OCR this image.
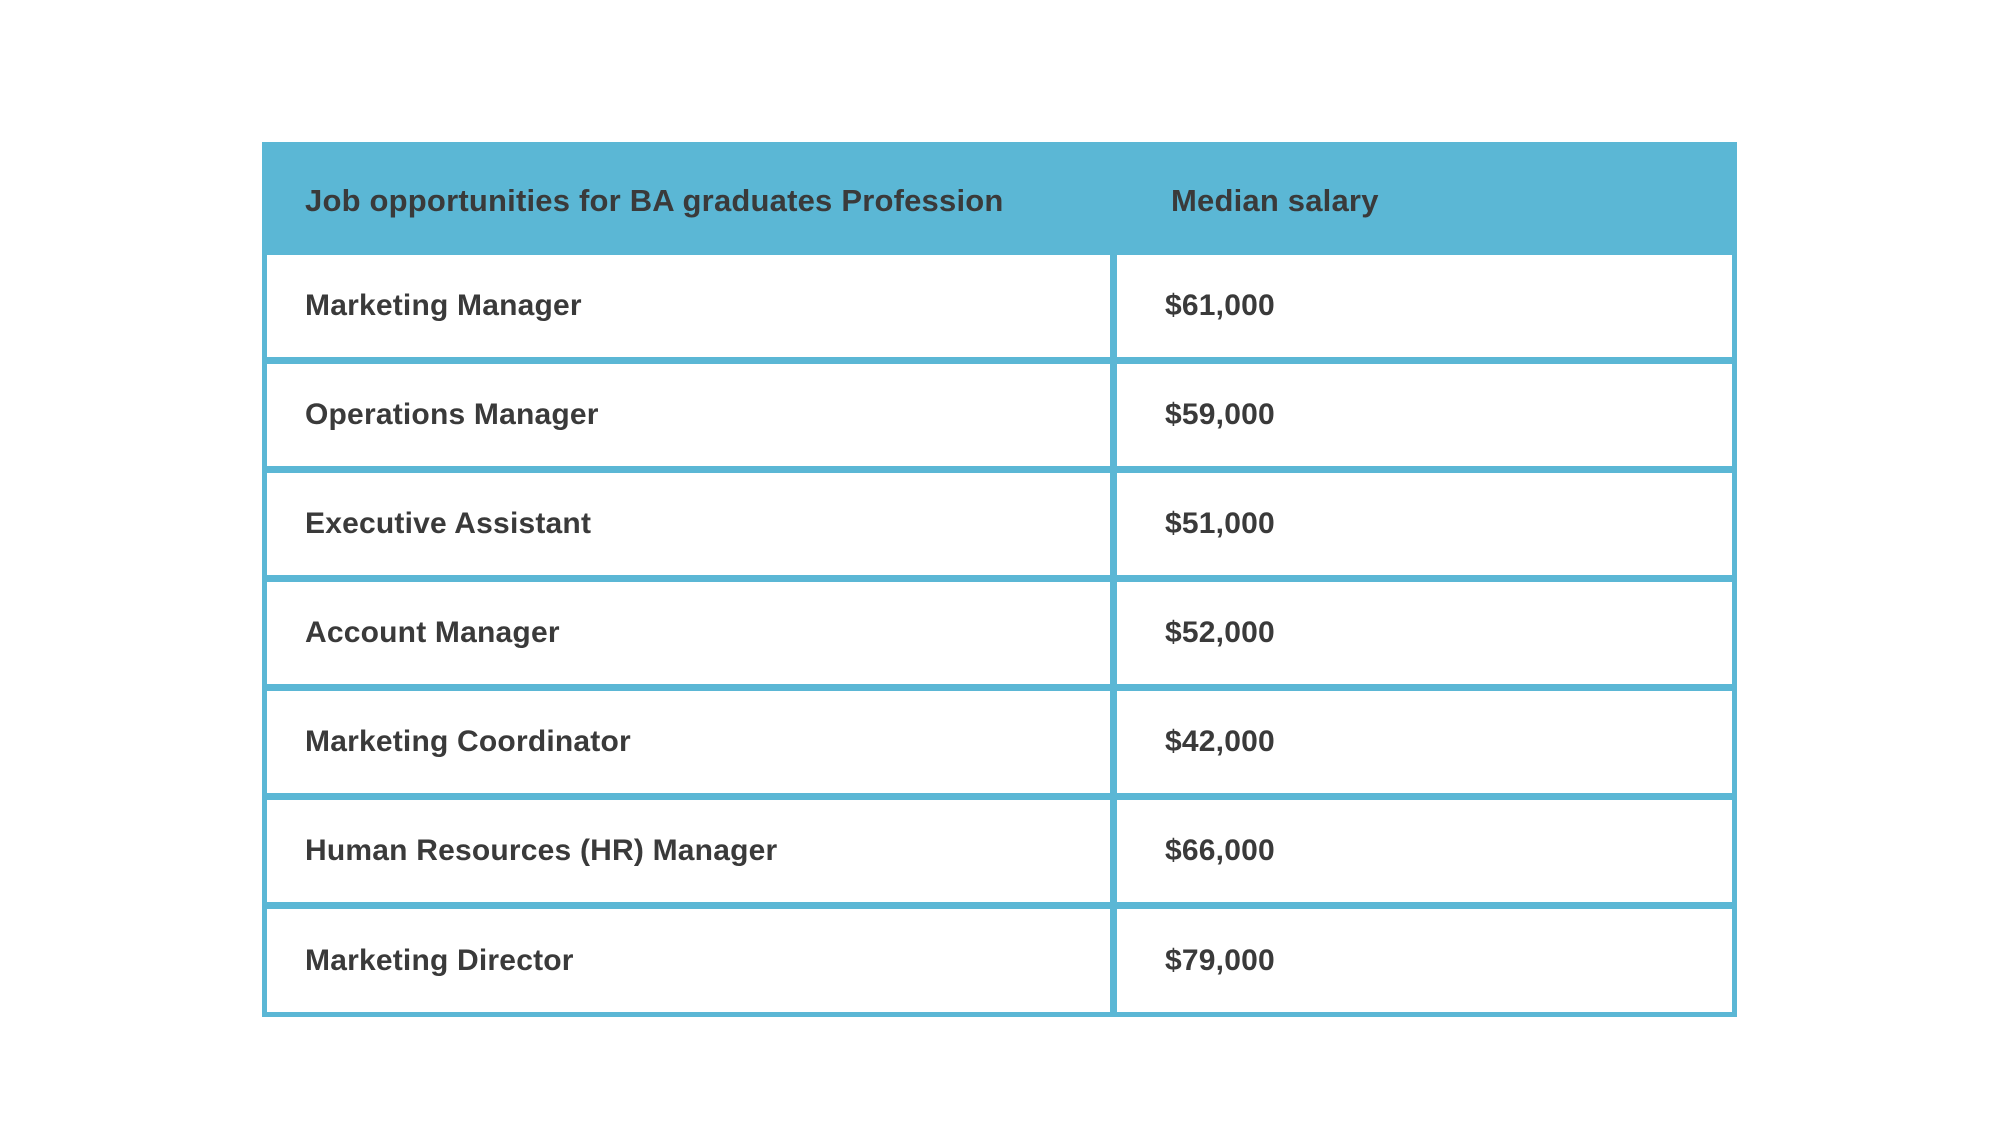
Job opportunities for BA graduates Profession	Median salary
Marketing Manager	$61,000
Operations Manager	$59,000
Executive Assistant	$51,000
Account Manager	$52,000
Marketing Coordinator	$42,000
Human Resources (HR) Manager	$66,000
Marketing Director	$79,000
